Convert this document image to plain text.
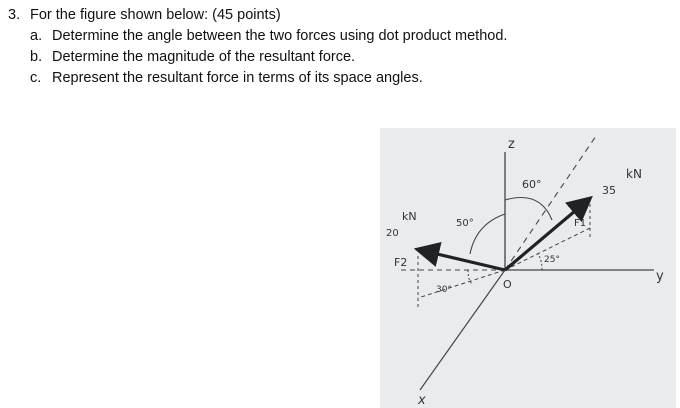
3. For the figure shown below: (45 points)
a. Determine the angle between the two forces using dot product method.
b. Determine the magnitude of the resultant force.
c. Represent the resultant force in terms of its space angles.
z
y
x
O
60°
50°
25°
30°
F1
35
kN
F2
20
kN
